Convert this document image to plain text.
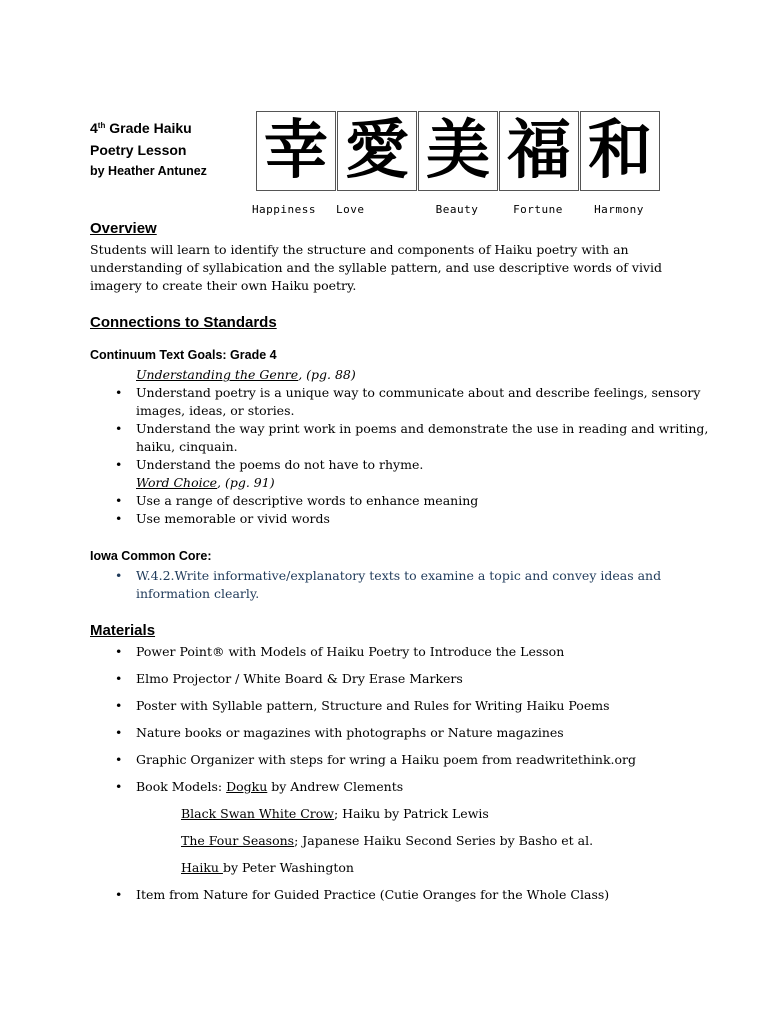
4th Grade Haiku
Poetry Lesson
by Heather Antunez 幸 愛 美 福 和
Happiness	Love	Beauty	Fortune	Harmony
Overview
Students will learn to identify the structure and components of Haiku poetry with an
understanding of syllabication and the syllable pattern, and use descriptive words of vivid
imagery to create their own Haiku poetry.
Connections to Standards
Continuum Text Goals: Grade 4
Understanding the Genre, (pg. 88)
• Understand poetry is a unique way to communicate about and describe feelings, sensory
images, ideas, or stories.
• Understand the way print work in poems and demonstrate the use in reading and writing,
haiku, cinquain.
• Understand the poems do not have to rhyme.
Word Choice, (pg. 91)
• Use a range of descriptive words to enhance meaning
• Use memorable or vivid words
Iowa Common Core:
• W.4.2.Write informative/explanatory texts to examine a topic and convey ideas and
information clearly.
Materials
• Power Point® with Models of Haiku Poetry to Introduce the Lesson
• Elmo Projector / White Board & Dry Erase Markers
• Poster with Syllable pattern, Structure and Rules for Writing Haiku Poems
• Nature books or magazines with photographs or Nature magazines
• Graphic Organizer with steps for wring a Haiku poem from readwritethink.org
• Book Models: Dogku by Andrew Clements
Black Swan White Crow; Haiku by Patrick Lewis
The Four Seasons; Japanese Haiku Second Series by Basho et al.
Haiku by Peter Washington
• Item from Nature for Guided Practice (Cutie Oranges for the Whole Class)
